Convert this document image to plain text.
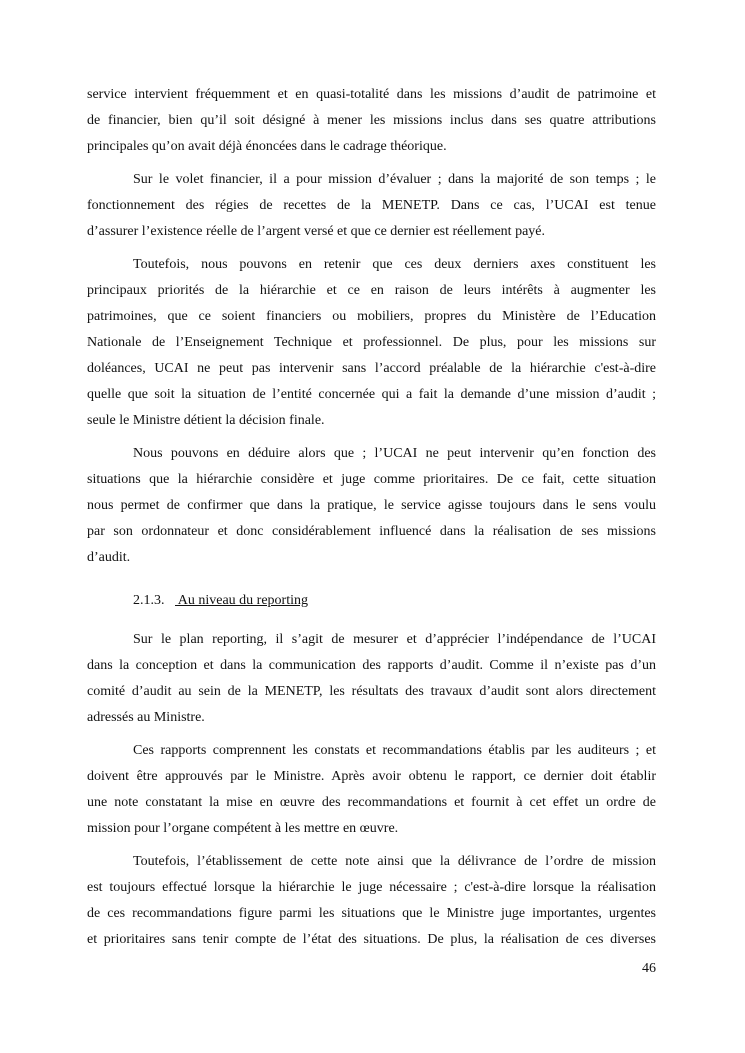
service intervient fréquemment et en quasi-totalité dans les missions d’audit de patrimoine et
de financier, bien qu’il soit désigné à mener les missions inclus dans ses quatre attributions
principales qu’on avait déjà énoncées dans le cadrage théorique.
Sur le volet financier, il a pour mission d’évaluer ; dans la majorité de son temps ; le
fonctionnement des régies de recettes de la MENETP. Dans ce cas, l’UCAI est tenue
d’assurer l’existence réelle de l’argent versé et que ce dernier est réellement payé.
Toutefois, nous pouvons en retenir que ces deux derniers axes constituent les
principaux priorités de la hiérarchie et ce en raison de leurs intérêts à augmenter les
patrimoines, que ce soient financiers ou mobiliers, propres du Ministère de l’Education
Nationale de l’Enseignement Technique et professionnel. De plus, pour les missions sur
doléances, UCAI ne peut pas intervenir sans l’accord préalable de la hiérarchie c'est-à-dire
quelle que soit la situation de l’entité concernée qui a fait la demande d’une mission d’audit ;
seule le Ministre détient la décision finale.
Nous pouvons en déduire alors que ; l’UCAI ne peut intervenir qu’en fonction des
situations que la hiérarchie considère et juge comme prioritaires. De ce fait, cette situation
nous permet de confirmer que dans la pratique, le service agisse toujours dans le sens voulu
par son ordonnateur et donc considérablement influencé dans la réalisation de ses missions
d’audit.
2.1.3.    Au niveau du reporting
Sur le plan reporting, il s’agit de mesurer et d’apprécier l’indépendance de l’UCAI
dans la conception et dans la communication des rapports d’audit. Comme il n’existe pas d’un
comité d’audit au sein de la MENETP, les résultats des travaux d’audit sont alors directement
adressés au Ministre.
Ces rapports comprennent les constats et recommandations établis par les auditeurs ; et
doivent être approuvés par le Ministre. Après avoir obtenu le rapport, ce dernier doit établir
une note constatant la mise en œuvre des recommandations et fournit à cet effet un ordre de
mission pour l’organe compétent à les mettre en œuvre.
Toutefois, l’établissement de cette note ainsi que la délivrance de l’ordre de mission
est toujours effectué lorsque la hiérarchie le juge nécessaire ; c'est-à-dire lorsque la réalisation
de ces recommandations figure parmi les situations que le Ministre juge importantes, urgentes
et prioritaires sans tenir compte de l’état des situations. De plus, la réalisation de ces diverses
46
